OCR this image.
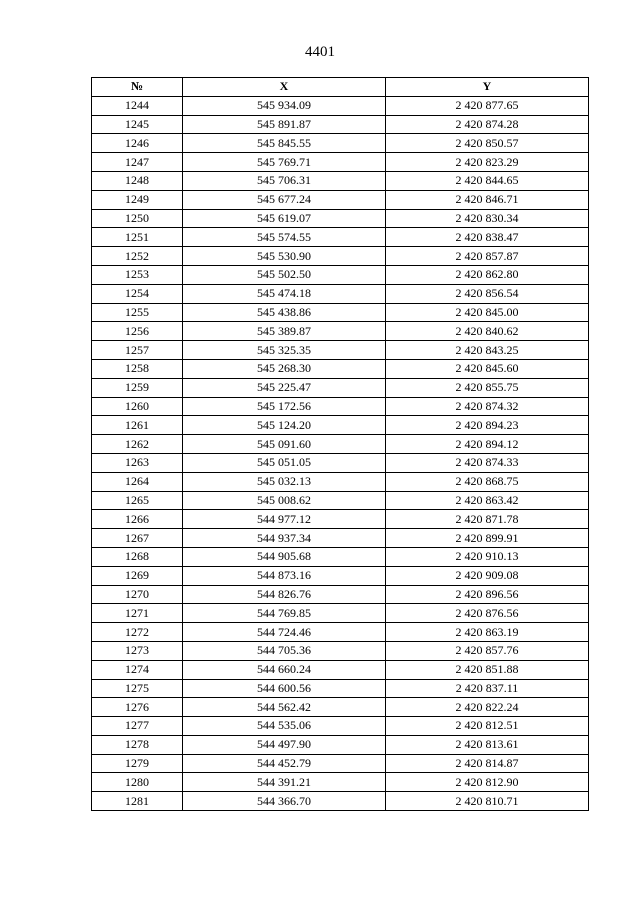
4401
№	X	Y
1244	545 934.09	2 420 877.65
1245	545 891.87	2 420 874.28
1246	545 845.55	2 420 850.57
1247	545 769.71	2 420 823.29
1248	545 706.31	2 420 844.65
1249	545 677.24	2 420 846.71
1250	545 619.07	2 420 830.34
1251	545 574.55	2 420 838.47
1252	545 530.90	2 420 857.87
1253	545 502.50	2 420 862.80
1254	545 474.18	2 420 856.54
1255	545 438.86	2 420 845.00
1256	545 389.87	2 420 840.62
1257	545 325.35	2 420 843.25
1258	545 268.30	2 420 845.60
1259	545 225.47	2 420 855.75
1260	545 172.56	2 420 874.32
1261	545 124.20	2 420 894.23
1262	545 091.60	2 420 894.12
1263	545 051.05	2 420 874.33
1264	545 032.13	2 420 868.75
1265	545 008.62	2 420 863.42
1266	544 977.12	2 420 871.78
1267	544 937.34	2 420 899.91
1268	544 905.68	2 420 910.13
1269	544 873.16	2 420 909.08
1270	544 826.76	2 420 896.56
1271	544 769.85	2 420 876.56
1272	544 724.46	2 420 863.19
1273	544 705.36	2 420 857.76
1274	544 660.24	2 420 851.88
1275	544 600.56	2 420 837.11
1276	544 562.42	2 420 822.24
1277	544 535.06	2 420 812.51
1278	544 497.90	2 420 813.61
1279	544 452.79	2 420 814.87
1280	544 391.21	2 420 812.90
1281	544 366.70	2 420 810.71
